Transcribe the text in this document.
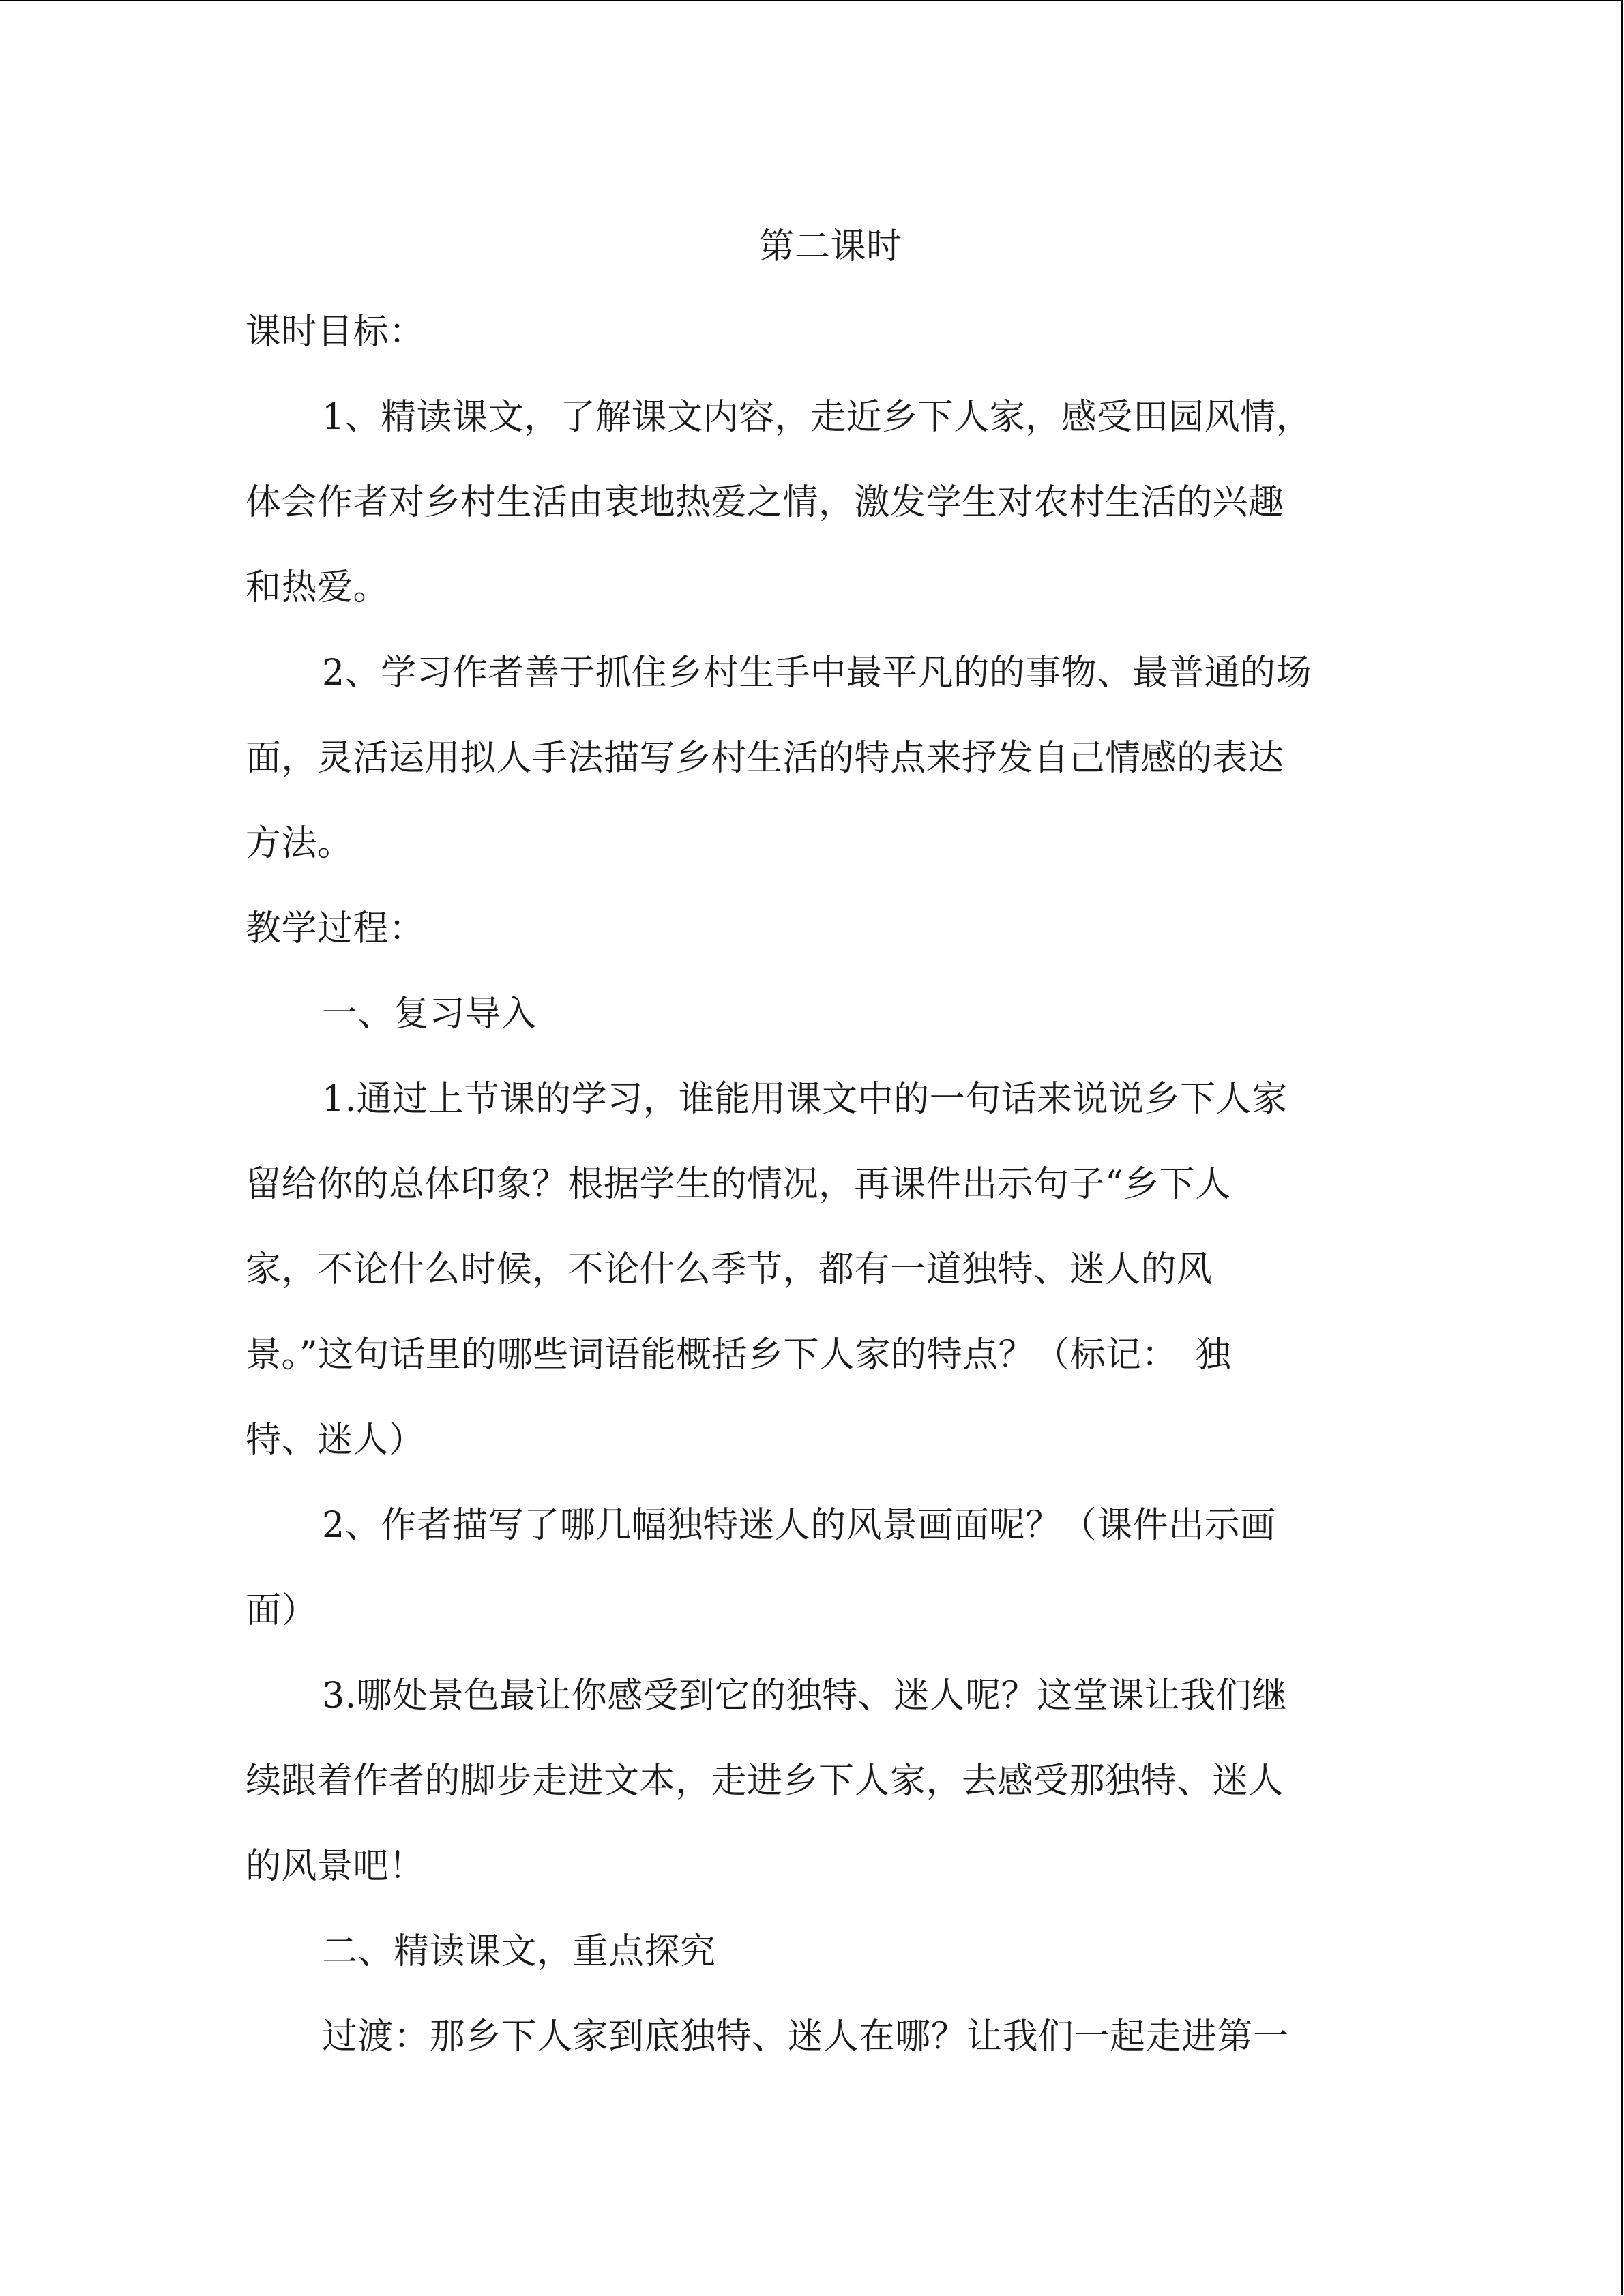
第二课时
课时目标：
1、精读课文，了解课文内容，走近乡下人家，感受田园风情，
体会作者对乡村生活由衷地热爱之情，激发学生对农村生活的兴趣
和热爱。
2、学习作者善于抓住乡村生手中最平凡的的事物、最普通的场
面，灵活运用拟人手法描写乡村生活的特点来抒发自己情感的表达
方法。
教学过程：
一、复习导入
1.通过上节课的学习，谁能用课文中的一句话来说说乡下人家
留给你的总体印象？根据学生的情况，再课件出示句子“乡下人
家，不论什么时候，不论什么季节，都有一道独特、迷人的风
景。”这句话里的哪些词语能概括乡下人家的特点？（标记：　独
特、迷人）
2、作者描写了哪几幅独特迷人的风景画面呢？（课件出示画
面）
3.哪处景色最让你感受到它的独特、迷人呢？这堂课让我们继
续跟着作者的脚步走进文本，走进乡下人家，去感受那独特、迷人
的风景吧！
二、精读课文，重点探究
过渡：那乡下人家到底独特、迷人在哪？让我们一起走进第一
